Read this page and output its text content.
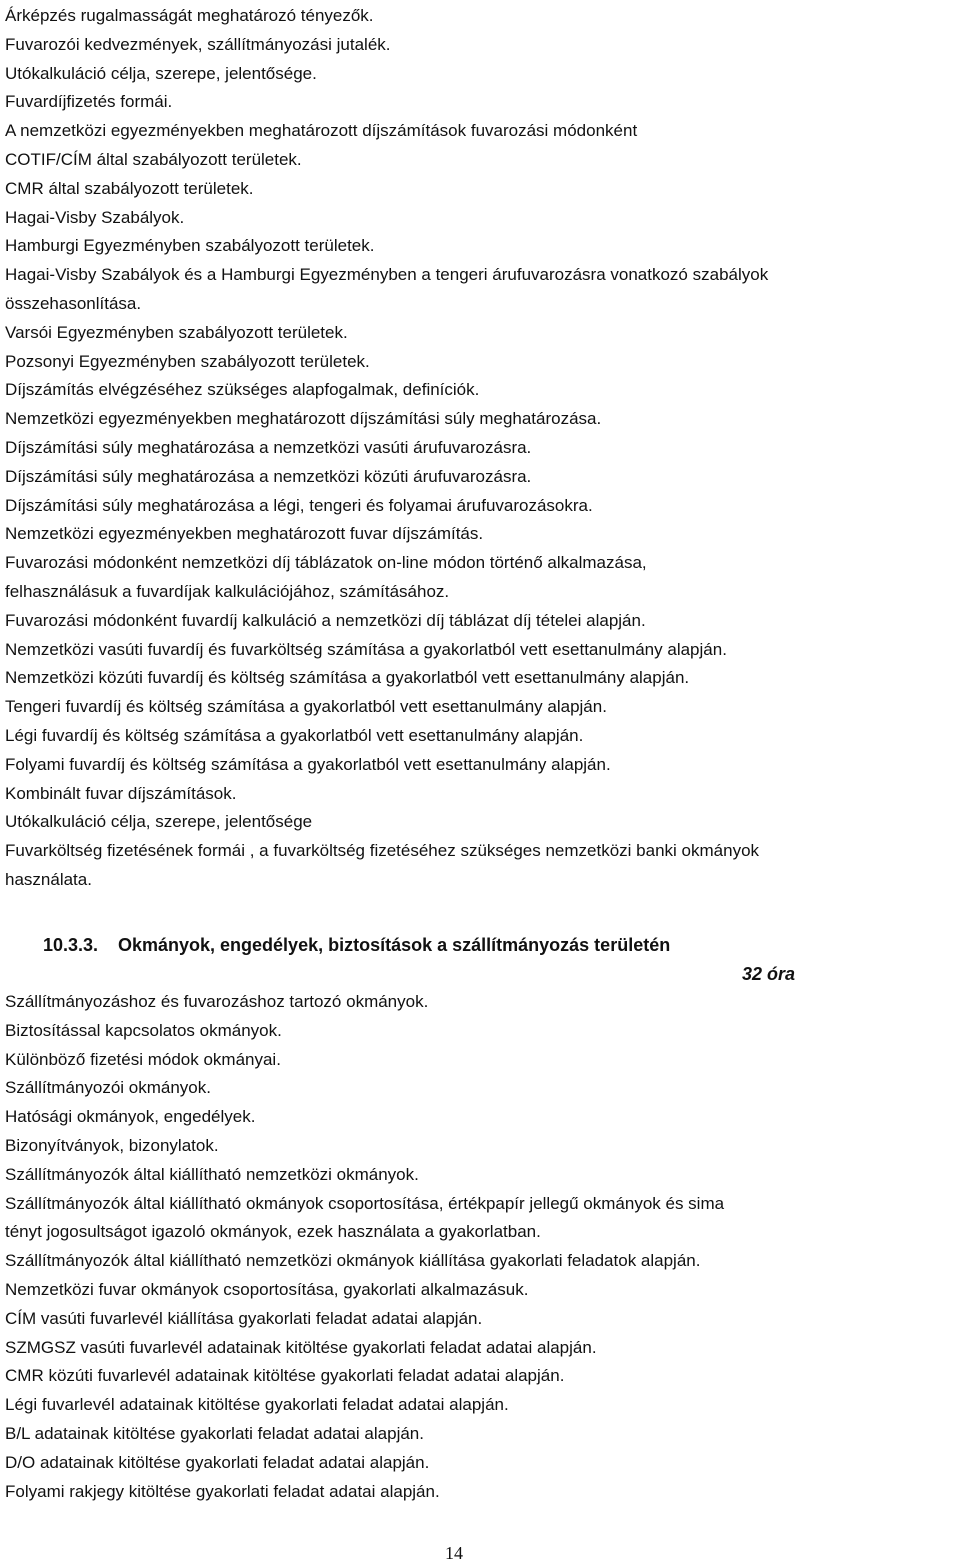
Árképzés rugalmasságát meghatározó tényezők.
Fuvarozói kedvezmények, szállítmányozási jutalék.
Utókalkuláció célja, szerepe, jelentősége.
Fuvardíjfizetés formái.
A nemzetközi egyezményekben meghatározott díjszámítások fuvarozási módonként
COTIF/CÍM által szabályozott területek.
CMR által szabályozott területek.
Hagai-Visby Szabályok.
Hamburgi Egyezményben szabályozott területek.
Hagai-Visby Szabályok és a Hamburgi Egyezményben a tengeri árufuvarozásra vonatkozó szabályok
összehasonlítása.
Varsói Egyezményben szabályozott területek.
Pozsonyi Egyezményben szabályozott területek.
Díjszámítás elvégzéséhez szükséges alapfogalmak, definíciók.
Nemzetközi egyezményekben meghatározott díjszámítási súly meghatározása.
Díjszámítási súly meghatározása a nemzetközi vasúti árufuvarozásra.
Díjszámítási súly meghatározása a nemzetközi közúti árufuvarozásra.
Díjszámítási súly meghatározása a légi, tengeri és folyamai árufuvarozásokra.
Nemzetközi egyezményekben meghatározott fuvar díjszámítás.
Fuvarozási módonként nemzetközi díj táblázatok on-line módon történő alkalmazása,
felhasználásuk a fuvardíjak kalkulációjához, számításához.
Fuvarozási módonként fuvardíj kalkuláció a nemzetközi díj táblázat díj tételei alapján.
Nemzetközi vasúti fuvardíj és fuvarköltség számítása a gyakorlatból vett esettanulmány alapján.
Nemzetközi közúti fuvardíj és költség számítása a gyakorlatból vett esettanulmány alapján.
Tengeri fuvardíj és költség számítása a gyakorlatból vett esettanulmány alapján.
Légi fuvardíj és költség számítása a gyakorlatból vett esettanulmány alapján.
Folyami fuvardíj és költség számítása a gyakorlatból vett esettanulmány alapján.
Kombinált fuvar díjszámítások.
Utókalkuláció célja, szerepe, jelentősége
Fuvarköltség fizetésének formái , a fuvarköltség fizetéséhez szükséges nemzetközi banki okmányok
használata.
10.3.3. Okmányok, engedélyek, biztosítások a szállítmányozás területén
32 óra
Szállítmányozáshoz és fuvarozáshoz tartozó okmányok.
Biztosítással kapcsolatos okmányok.
Különböző fizetési módok okmányai.
Szállítmányozói okmányok.
Hatósági okmányok, engedélyek.
Bizonyítványok, bizonylatok.
Szállítmányozók által kiállítható nemzetközi okmányok.
Szállítmányozók által kiállítható okmányok csoportosítása, értékpapír jellegű okmányok és sima
tényt jogosultságot igazoló okmányok, ezek használata a gyakorlatban.
Szállítmányozók által kiállítható nemzetközi okmányok kiállítása gyakorlati feladatok alapján.
Nemzetközi fuvar okmányok csoportosítása, gyakorlati alkalmazásuk.
CÍM vasúti fuvarlevél kiállítása gyakorlati feladat adatai alapján.
SZMGSZ vasúti fuvarlevél adatainak kitöltése gyakorlati feladat adatai alapján.
CMR közúti fuvarlevél adatainak kitöltése gyakorlati feladat adatai alapján.
Légi fuvarlevél adatainak kitöltése gyakorlati feladat adatai alapján.
B/L adatainak kitöltése gyakorlati feladat adatai alapján.
D/O adatainak kitöltése gyakorlati feladat adatai alapján.
Folyami rakjegy kitöltése gyakorlati feladat adatai alapján.
14
